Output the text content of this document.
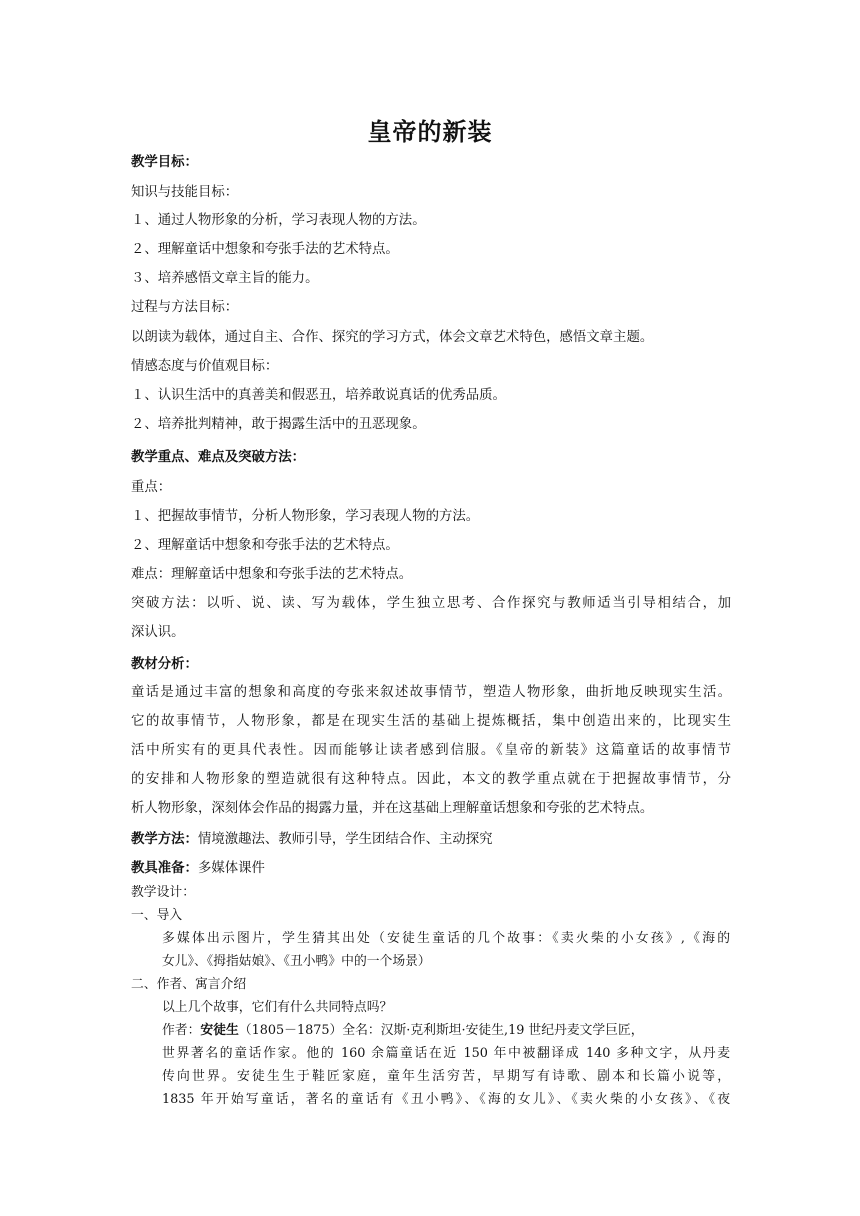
皇帝的新装
教学目标：
知识与技能目标：
１、通过人物形象的分析，学习表现人物的方法。
２、理解童话中想象和夸张手法的艺术特点。
３、培养感悟文章主旨的能力。
过程与方法目标：
以朗读为载体，通过自主、合作、探究的学习方式，体会文章艺术特色，感悟文章主题。
情感态度与价值观目标：
１、认识生活中的真善美和假恶丑，培养敢说真话的优秀品质。
２、培养批判精神，敢于揭露生活中的丑恶现象。
教学重点、难点及突破方法：
重点：
１、把握故事情节，分析人物形象，学习表现人物的方法。
２、理解童话中想象和夸张手法的艺术特点。
难点：理解童话中想象和夸张手法的艺术特点。
突破方法：以听、说、读、写为载体，学生独立思考、合作探究与教师适当引导相结合，加
深认识。
教材分析：
童话是通过丰富的想象和高度的夸张来叙述故事情节，塑造人物形象，曲折地反映现实生活。
它的故事情节，人物形象，都是在现实生活的基础上提炼概括，集中创造出来的，比现实生
活中所实有的更具代表性。因而能够让读者感到信服。《皇帝的新装》这篇童话的故事情节
的安排和人物形象的塑造就很有这种特点。因此，本文的教学重点就在于把握故事情节，分
析人物形象，深刻体会作品的揭露力量，并在这基础上理解童话想象和夸张的艺术特点。
教学方法：情境激趣法、教师引导，学生团结合作、主动探究
教具准备：多媒体课件
教学设计：
一、导入
多媒体出示图片，学生猜其出处（安徒生童话的几个故事：《卖火柴的小女孩》,《海的
女儿》、《拇指姑娘》、《丑小鸭》中的一个场景）
二、作者、寓言介绍
以上几个故事，它们有什么共同特点吗？
作者：安徒生（1805－1875）全名：汉斯·克利斯坦·安徒生,19 世纪丹麦文学巨匠，
世界著名的童话作家。他的 160 余篇童话在近 150 年中被翻译成 140 多种文字，从丹麦
传向世界。安徒生生于鞋匠家庭，童年生活穷苦，早期写有诗歌、剧本和长篇小说等，
1835 年开始写童话，著名的童话有《丑小鸭》、《海的女儿》、《卖火柴的小女孩》、《夜
